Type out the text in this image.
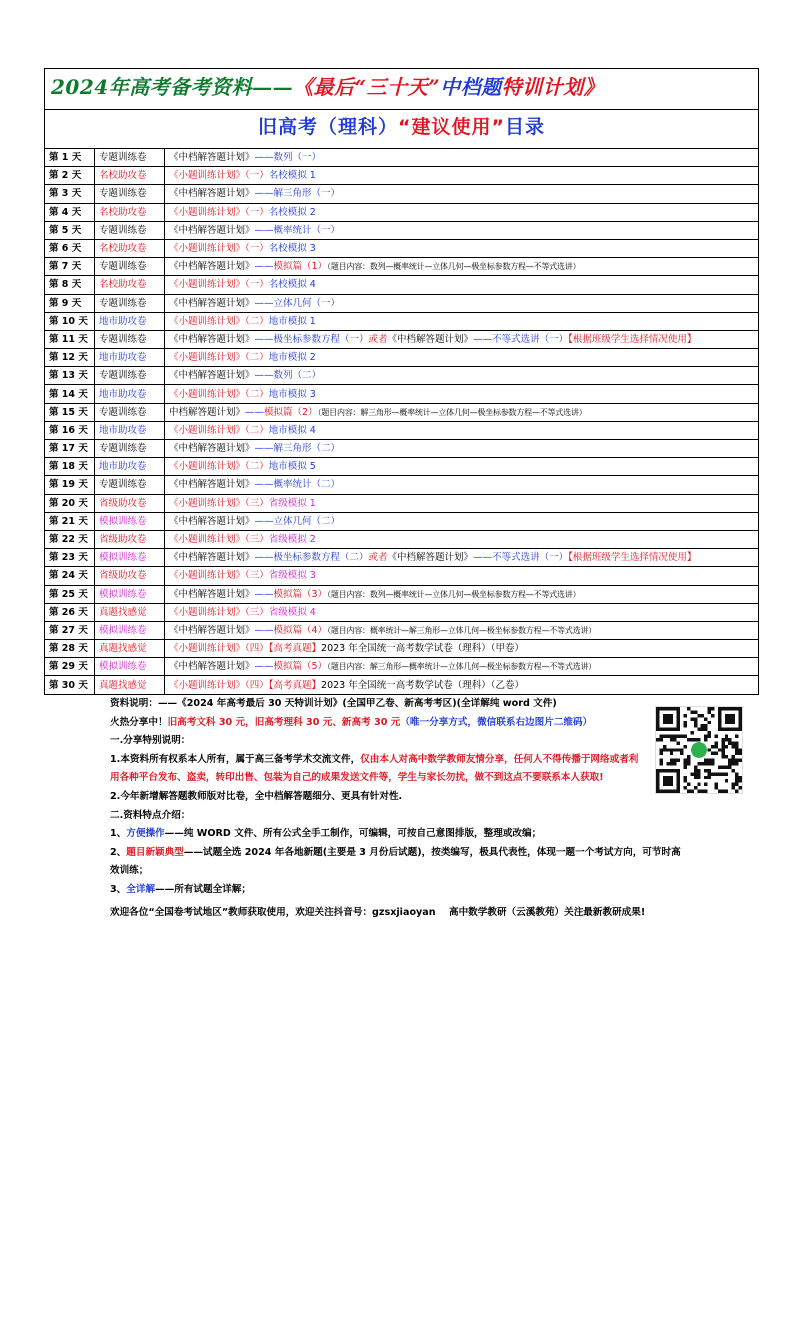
2024年高考备考资料——《最后“三十天”中档题特训计划》		
旧高考（理科）“建议使用”目录		
第 1 天	专题训练卷	《中档解答题计划》——数列（一）
第 2 天	名校助攻卷	《小题训练计划》（一）名校模拟 1
第 3 天	专题训练卷	《中档解答题计划》——解三角形（一）
第 4 天	名校助攻卷	《小题训练计划》（一）名校模拟 2
第 5 天	专题训练卷	《中档解答题计划》——概率统计（一）
第 6 天	名校助攻卷	《小题训练计划》（一）名校模拟 3
第 7 天	专题训练卷	《中档解答题计划》——模拟篇（1）（题目内容：数列—概率统计—立体几何—极坐标参数方程—不等式选讲）
第 8 天	名校助攻卷	《小题训练计划》（一）名校模拟 4
第 9 天	专题训练卷	《中档解答题计划》——立体几何（一）
第 10 天	地市助攻卷	《小题训练计划》（二）地市模拟 1
第 11 天	专题训练卷	《中档解答题计划》——极坐标参数方程（一）或者《中档解答题计划》——不等式选讲（一）【根据班级学生选择情况使用】
第 12 天	地市助攻卷	《小题训练计划》（二）地市模拟 2
第 13 天	专题训练卷	《中档解答题计划》——数列（二）
第 14 天	地市助攻卷	《小题训练计划》（二）地市模拟 3
第 15 天	专题训练卷	中档解答题计划》——模拟篇（2）（题目内容：解三角形—概率统计—立体几何—极坐标参数方程—不等式选讲）
第 16 天	地市助攻卷	《小题训练计划》（二）地市模拟 4
第 17 天	专题训练卷	《中档解答题计划》——解三角形（二）
第 18 天	地市助攻卷	《小题训练计划》（二）地市模拟 5
第 19 天	专题训练卷	《中档解答题计划》——概率统计（二）
第 20 天	省级助攻卷	《小题训练计划》（三）省级模拟 1
第 21 天	模拟训练卷	《中档解答题计划》——立体几何（二）
第 22 天	省级助攻卷	《小题训练计划》（三）省级模拟 2
第 23 天	模拟训练卷	《中档解答题计划》——极坐标参数方程（二）或者《中档解答题计划》——不等式选讲（一）【根据班级学生选择情况使用】
第 24 天	省级助攻卷	《小题训练计划》（三）省级模拟 3
第 25 天	模拟训练卷	《中档解答题计划》——模拟篇（3）（题目内容：数列—概率统计—立体几何—极坐标参数方程—不等式选讲）
第 26 天	真题找感觉	《小题训练计划》（三）省级模拟 4
第 27 天	模拟训练卷	《中档解答题计划》——模拟篇（4）（题目内容：概率统计—解三角形—立体几何—极坐标参数方程—不等式选讲）
第 28 天	真题找感觉	《小题训练计划》（四）【高考真题】2023 年全国统一高考数学试卷（理科）（甲卷）
第 29 天	模拟训练卷	《中档解答题计划》——模拟篇（5）（题目内容：解三角形—概率统计—立体几何—极坐标参数方程—不等式选讲）
第 30 天	真题找感觉	《小题训练计划》（四）【高考真题】2023 年全国统一高考数学试卷（理科）（乙卷）

资料说明：——《2024 年高考最后 30 天特训计划》(全国甲乙卷、新高考考区)(全详解纯 word 文件)

火热分享中！旧高考文科 30 元，旧高考理科 30 元、新高考 30 元（唯一分享方式，微信联系右边图片二维码）

一.分享特别说明：

1.本资料所有权系本人所有，属于高三备考学术交流文件，仅由本人对高中数学教师友情分享，任何人不得传播于网络或者利

用各种平台发布、盗卖，转印出售、包装为自己的成果发送文件等，学生与家长勿扰，做不到这点不要联系本人获取!

2.今年新增解答题教师版对比卷，全中档解答题细分、更具有针对性.

二.资料特点介绍：

1、方便操作——纯 WORD 文件、所有公式全手工制作，可编辑，可按自己意图排版，整理或改编；

2、题目新颖典型——试题全选 2024 年各地新题(主要是 3 月份后试题)，按类编写，极具代表性，体现一题一个考试方向，可节时高

效训练；

3、全详解——所有试题全详解；

欢迎各位“全国卷考试地区”教师获取使用，欢迎关注抖音号：gzsxjiaoyan 高中数学教研（云溪教苑）关注最新教研成果!
